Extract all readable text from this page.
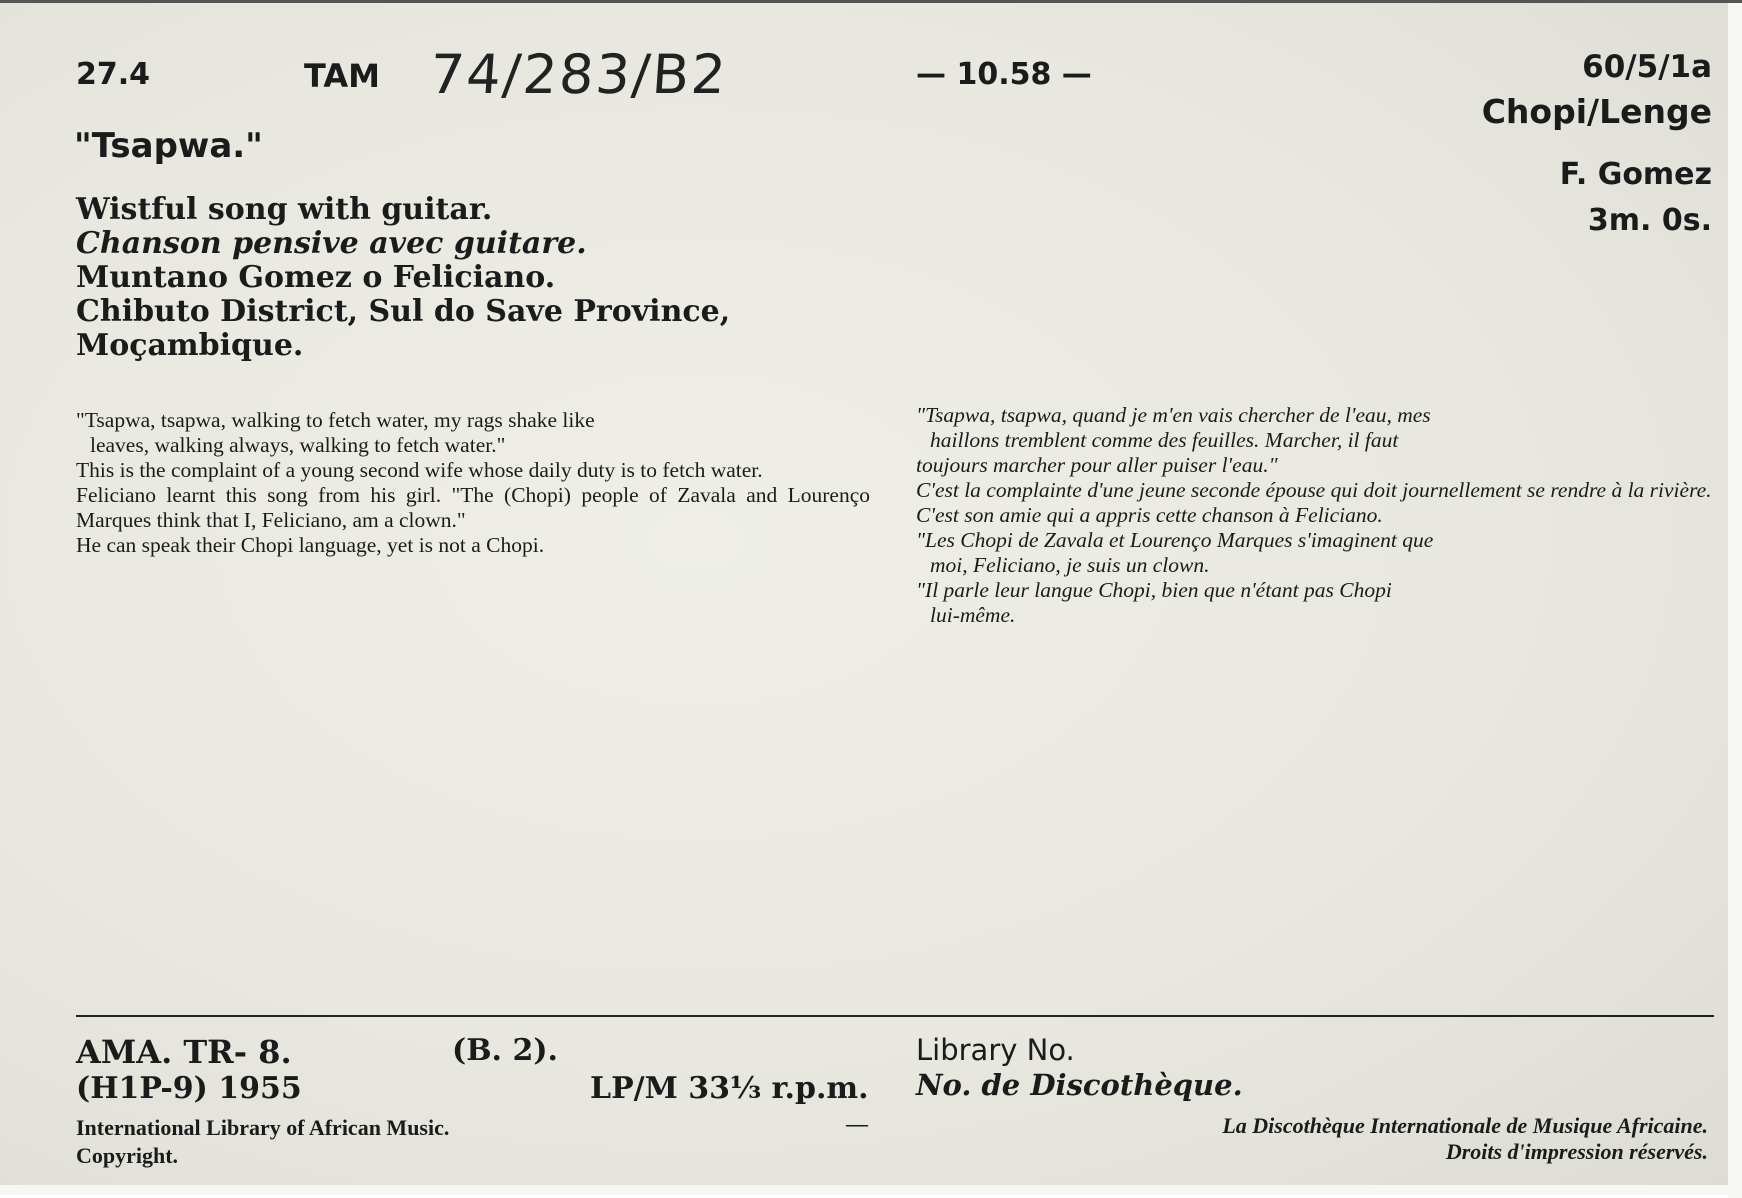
27.4	TAM 74/283/B2	— 10.58 —	60/5/1a
Chopi/Lenge
F. Gomez
3m. 0s.
"Tsapwa."
Wistful song with guitar.
Chanson pensive avec guitare.
Muntano Gomez o Feliciano.
Chibuto District, Sul do Save Province,
Moçambique.

"Tsapwa, tsapwa, walking to fetch water, my rags shake like

leaves, walking always, walking to fetch water."

This is the complaint of a young second wife whose daily duty is to fetch water.

Feliciano learnt this song from his girl. "The (Chopi) people of Zavala and Lourenço Marques think that I, Feliciano, am a clown."

He can speak their Chopi language, yet is not a Chopi.

"Tsapwa, tsapwa, quand je m'en vais chercher de l'eau, mes

haillons tremblent comme des feuilles. Marcher, il faut

toujours marcher pour aller puiser l'eau."

C'est la complainte d'une jeune seconde épouse qui doit journellement se rendre à la rivière.

C'est son amie qui a appris cette chanson à Feliciano.

"Les Chopi de Zavala et Lourenço Marques s'imaginent que

moi, Feliciano, je suis un clown.

"Il parle leur langue Chopi, bien que n'étant pas Chopi

lui-même.

AMA. TR- 8.	(B. 2).
(H1P-9) 1955	LP/M 33⅓ r.p.m.
Library No.
No. de Discothèque.
International Library of African Music.	—
Copyright.
La Discothèque Internationale de Musique Africaine.
Droits d'impression réservés.
